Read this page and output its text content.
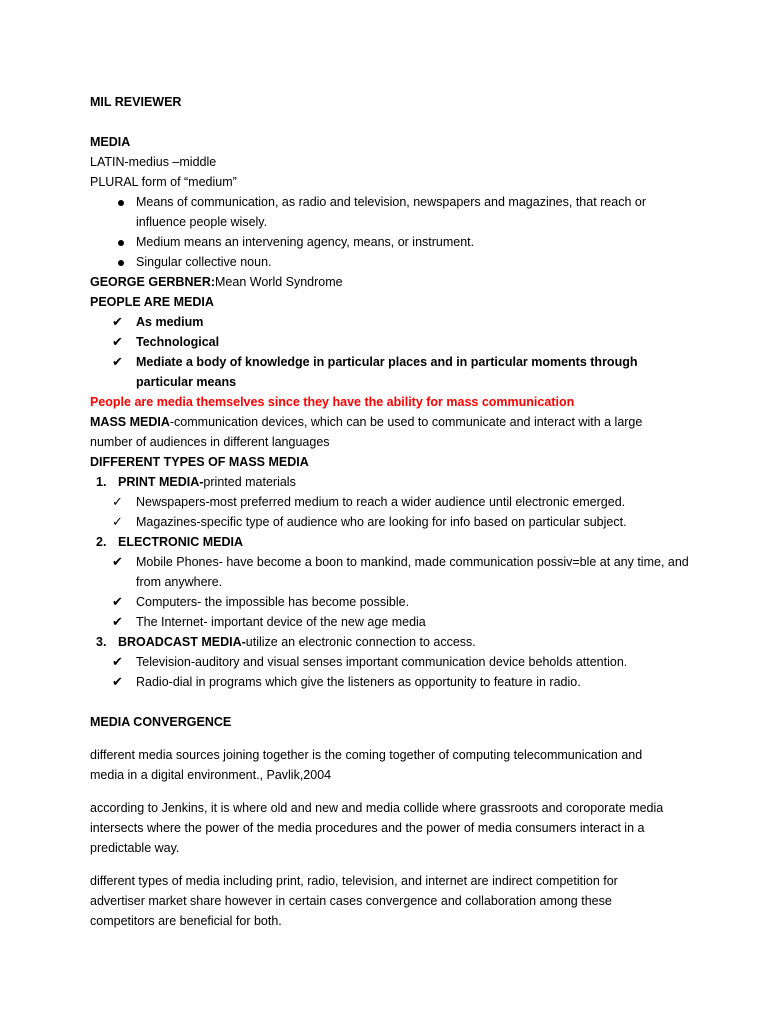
MIL REVIEWER

MEDIA

LATIN-medius –middle

PLURAL form of “medium”

Means of communication, as radio and television, newspapers and magazines, that reach or influence people wisely.
Medium means an intervening agency, means, or instrument.
Singular collective noun.

GEORGE GERBNER:Mean World Syndrome

PEOPLE ARE MEDIA

✔ As medium
✔ Technological
✔ Mediate a body of knowledge in particular places and in particular moments through particular means

People are media themselves since they have the ability for mass communication

MASS MEDIA-communication devices, which can be used to communicate and interact with a large number of audiences in different languages

DIFFERENT TYPES OF MASS MEDIA

1. PRINT MEDIA-printed materials
✓ Newspapers-most preferred medium to reach a wider audience until electronic emerged.
✓ Magazines-specific type of audience who are looking for info based on particular subject.
2. ELECTRONIC MEDIA
✔ Mobile Phones- have become a boon to mankind, made communication possiv=ble at any time, and from anywhere.
✔ Computers- the impossible has become possible.
✔ The Internet- important device of the new age media
3. BROADCAST MEDIA-utilize an electronic connection to access.
✔ Television-auditory and visual senses important communication device beholds attention.
✔ Radio-dial in programs which give the listeners as opportunity to feature in radio.

MEDIA CONVERGENCE

different media sources joining together is the coming together of computing telecommunication and media in a digital environment., Pavlik,2004

according to Jenkins, it is where old and new and media collide where grassroots and coroporate media intersects where the power of the media procedures and the power of media consumers interact in a predictable way.

different types of media including print, radio, television, and internet are indirect competition for advertiser market share however in certain cases convergence and collaboration among these competitors are beneficial for both.
